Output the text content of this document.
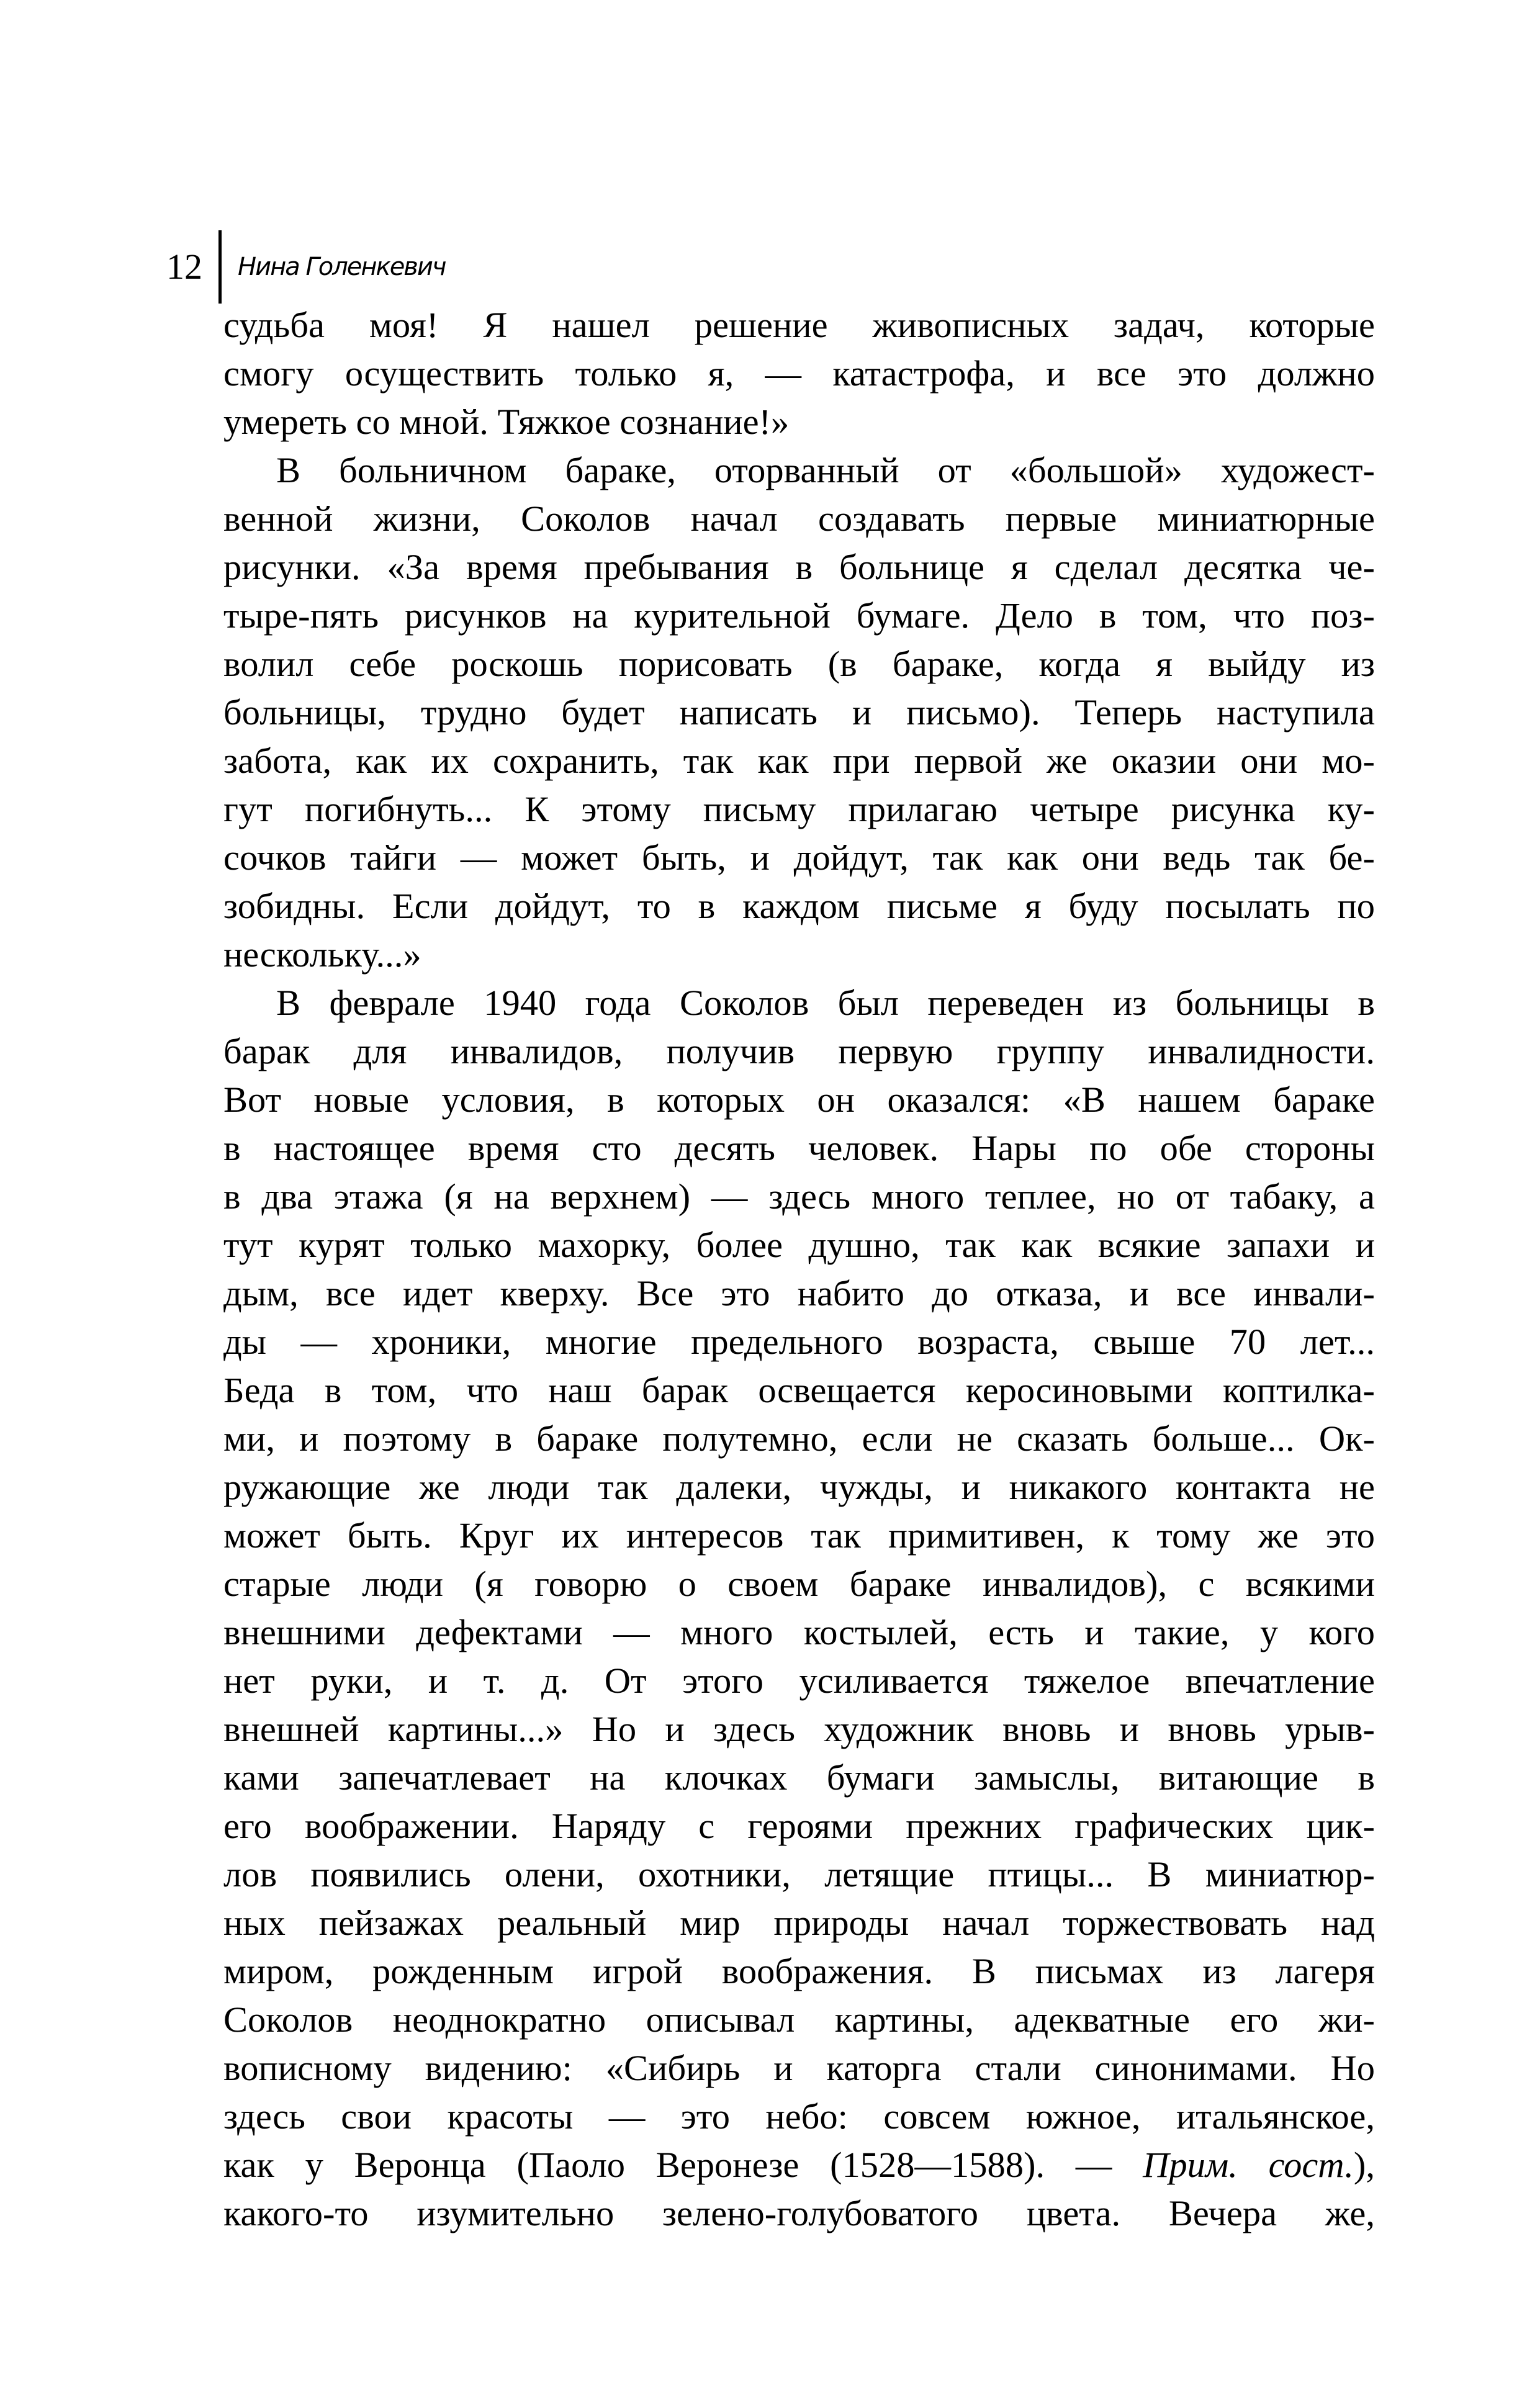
12 Нина Голенкевич
судьба моя! Я нашел решение живописных задач, которые
смогу осуществить только я, — катастрофа, и все это должно
умереть со мной. Тяжкое сознание!»
В больничном бараке, оторванный от «большой» художест-
венной жизни, Соколов начал создавать первые миниатюрные
рисунки. «За время пребывания в больнице я сделал десятка че-
тыре-пять рисунков на курительной бумаге. Дело в том, что поз-
волил себе роскошь порисовать (в бараке, когда я выйду из
больницы, трудно будет написать и письмо). Теперь наступила
забота, как их сохранить, так как при первой же оказии они мо-
гут погибнуть... К этому письму прилагаю четыре рисунка ку-
сочков тайги — может быть, и дойдут, так как они ведь так бе-
зобидны. Если дойдут, то в каждом письме я буду посылать по
нескольку...»
В феврале 1940 года Соколов был переведен из больницы в
барак для инвалидов, получив первую группу инвалидности.
Вот новые условия, в которых он оказался: «В нашем бараке
в настоящее время сто десять человек. Нары по обе стороны
в два этажа (я на верхнем) — здесь много теплее, но от табаку, а
тут курят только махорку, более душно, так как всякие запахи и
дым, все идет кверху. Все это набито до отказа, и все инвали-
ды — хроники, многие предельного возраста, свыше 70 лет...
Беда в том, что наш барак освещается керосиновыми коптилка-
ми, и поэтому в бараке полутемно, если не сказать больше... Ок-
ружающие же люди так далеки, чужды, и никакого контакта не
может быть. Круг их интересов так примитивен, к тому же это
старые люди (я говорю о своем бараке инвалидов), с всякими
внешними дефектами — много костылей, есть и такие, у кого
нет руки, и т. д. От этого усиливается тяжелое впечатление
внешней картины...» Но и здесь художник вновь и вновь урыв-
ками запечатлевает на клочках бумаги замыслы, витающие в
его воображении. Наряду с героями прежних графических цик-
лов появились олени, охотники, летящие птицы... В миниатюр-
ных пейзажах реальный мир природы начал торжествовать над
миром, рожденным игрой воображения. В письмах из лагеря
Соколов неоднократно описывал картины, адекватные его жи-
вописному видению: «Сибирь и каторга стали синонимами. Но
здесь свои красоты — это небо: совсем южное, итальянское,
как у Веронца (Паоло Веронезе (1528—1588). — Прим. сост.),
какого-то изумительно зелено-голубоватого цвета. Вечера же,
